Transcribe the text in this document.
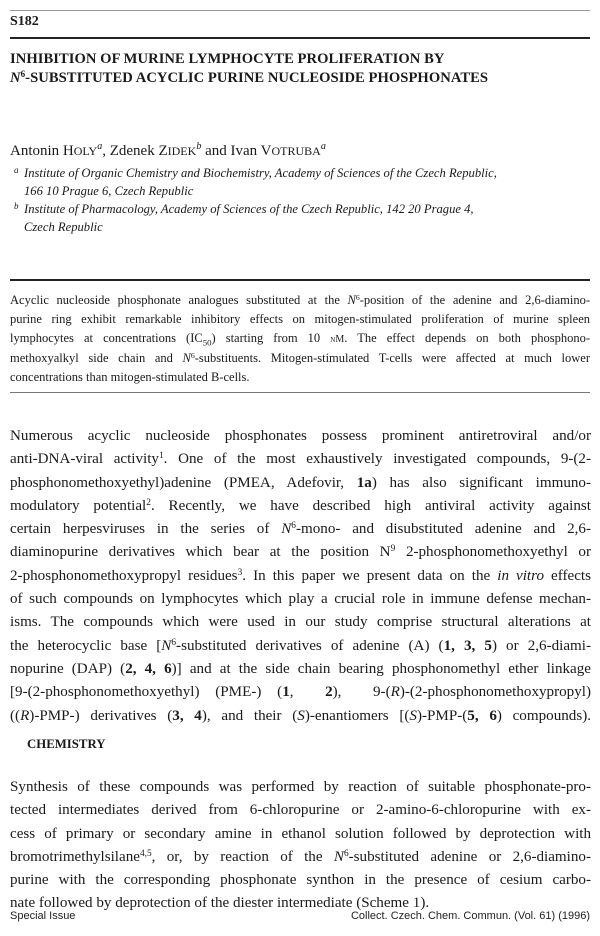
S182
INHIBITION OF MURINE LYMPHOCYTE PROLIFERATION BY
$N^6$-SUBSTITUTED ACYCLIC PURINE NUCLEOSIDE PHOSPHONATES
Antonin HOLY$^a$, Zdenek ZIDEK$^b$ and Ivan VOTRUBA$^a$
a Institute of Organic Chemistry and Biochemistry, Academy of Sciences of the Czech Republic,
166 10 Prague 6, Czech Republic
b Institute of Pharmacology, Academy of Sciences of the Czech Republic, 142 20 Prague 4,
Czech Republic
Acyclic nucleoside phosphonate analogues substituted at the $N^6$-position of the adenine and 2,6-diamino-
purine ring exhibit remarkable inhibitory effects on mitogen-stimulated proliferation of murine spleen
lymphocytes at concentrations $(IC_{50})$ starting from 10 nM. The effect depends on both phosphono-
methoxyalkyl side chain and $N^6$-substituents. Mitogen-stimulated T-cells were affected at much lower
concentrations than mitogen-stimulated B-cells.
Numerous acyclic nucleoside phosphonates possess prominent antiretroviral and/or
anti-DNA-viral activity$^1$. One of the most exhaustively investigated compounds, 9-(2-
phosphonomethoxyethyl)adenine (PMEA, Adefovir, 1a) has also significant immuno-
modulatory potential$^2$. Recently, we have described high antiviral activity against
certain herpesviruses in the series of $N^6-mono-$ and disubstituted adenine and 2,6-
diaminopurine derivatives which bear at the position $N^9$ 2-phosphonomethoxyethyl or
2-phosphonomethoxypropyl residues$^3$. In this paper we present data on the in vitro effects
of such compounds on lymphocytes which play a crucial role in immune defense mechan-
isms. The compounds which were used in our study comprise structural alterations at
the heterocyclic base [$N^6$-substituted derivatives of adenine (A) (1, 3, 5) or 2,6-diami-
nopurine (DAP) (2, 4, 6)] and at the side chain bearing phosphonomethyl ether linkage
[9-(2-phosphonomethoxyethyl) (PME-) (1,  2),  9-(R)-(2-phosphonomethoxypropyl)
((R)-PMP-) derivatives (3, 4), and their (S)-enantiomers [(S)-PMP-(5, 6) compounds).
CHEMISTRY
Synthesis of these compounds was performed by reaction of suitable phosphonate-pro-
tected intermediates derived from 6-chloropurine or 2-amino-6-chloropurine with ex-
cess of primary or secondary amine in ethanol solution followed by deprotection with
bromotrimethylsilane$^{4,5}$, or, by reaction of the $N^6$-substituted adenine or 2,6-diamino-
purine with the corresponding phosphonate synthon in the presence of cesium carbo-
nate followed by deprotection of the diester intermediate (Scheme 1).
Special Issue	Collect. Czech. Chem. Commun. (Vol. 61) (1996)
